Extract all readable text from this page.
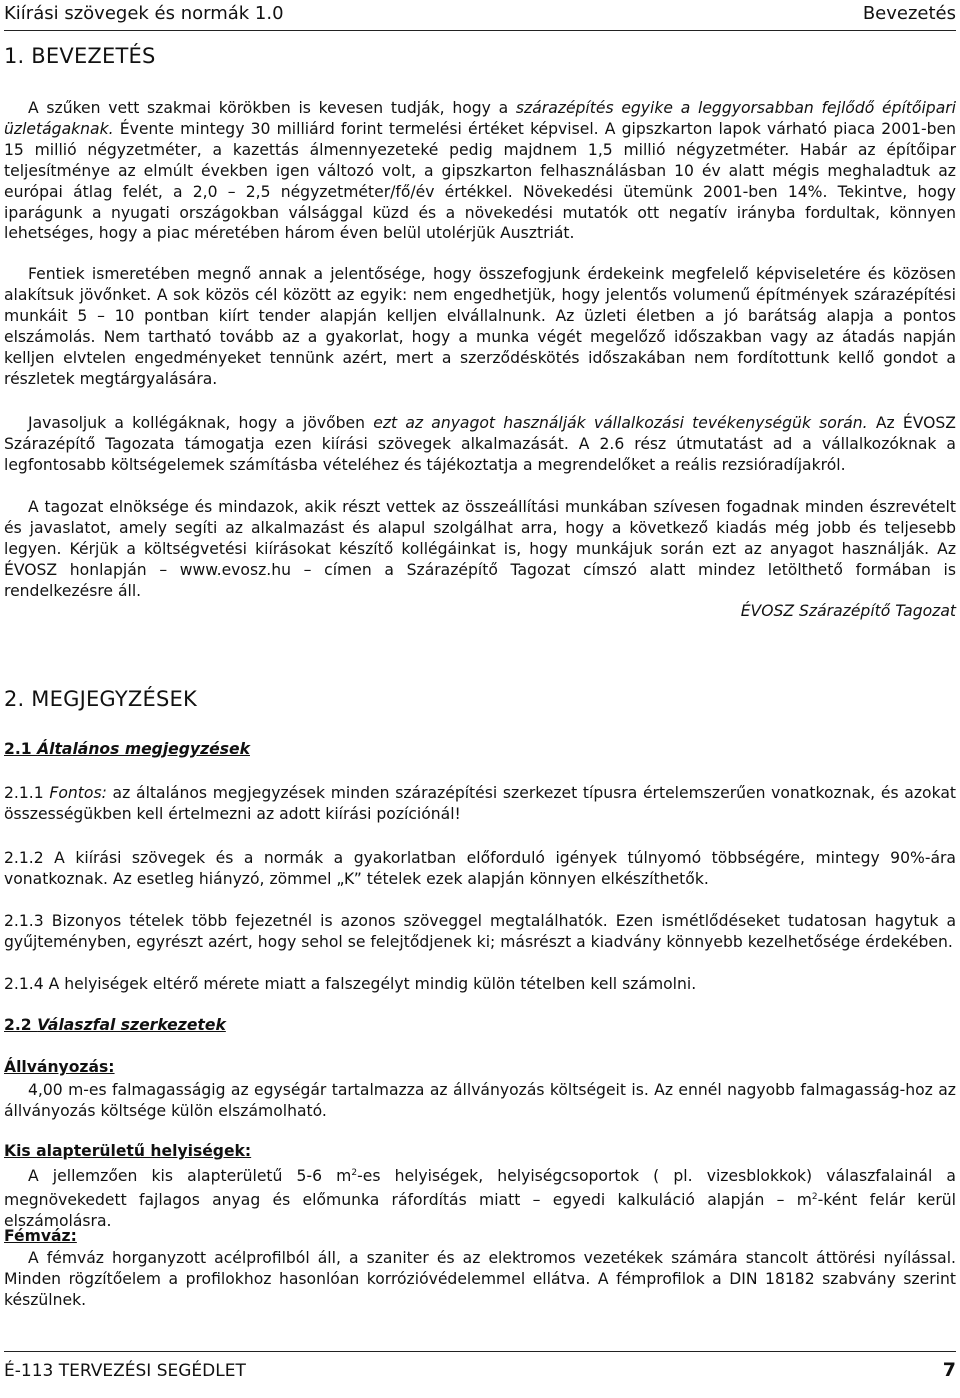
Kiírási szövegek és normák 1.0	Bevezetés
1. BEVEZETÉS

A szűken vett szakmai körökben is kevesen tudják, hogy a szárazépítés egyike a leggyorsabban fejlődő építőipari üzletágaknak. Évente mintegy 30 milliárd forint termelési értéket képvisel. A gipszkarton lapok várható piaca 2001-ben 15 millió négyzetméter, a kazettás álmennyezeteké pedig majdnem 1,5 millió négyzetméter. Habár az építőipar teljesítménye az elmúlt években igen változó volt, a gipszkarton felhasználásban 10 év alatt mégis meghaladtuk az európai átlag felét, a 2,0 – 2,5 négyzetméter/fő/év értékkel. Növekedési ütemünk 2001-ben 14%. Tekintve, hogy iparágunk a nyugati országokban válsággal küzd és a növekedési mutatók ott negatív irányba fordultak, könnyen lehetséges, hogy a piac méretében három éven belül utolérjük Ausztriát.

Fentiek ismeretében megnő annak a jelentősége, hogy összefogjunk érdekeink megfelelő képviseletére és közösen alakítsuk jövőnket. A sok közös cél között az egyik: nem engedhetjük, hogy jelentős volumenű építmények szárazépítési munkáit 5 – 10 pontban kiírt tender alapján kelljen elvállalnunk. Az üzleti életben a jó barátság alapja a pontos elszámolás. Nem tartható tovább az a gyakorlat, hogy a munka végét megelőző időszakban vagy az átadás napján kelljen elvtelen engedményeket tennünk azért, mert a szerződéskötés időszakában nem fordítottunk kellő gondot a részletek megtárgyalására.

Javasoljuk a kollégáknak, hogy a jövőben ezt az anyagot használják vállalkozási tevékenységük során. Az ÉVOSZ Szárazépítő Tagozata támogatja ezen kiírási szövegek alkalmazását. A 2.6 rész útmutatást ad a vállalkozóknak a legfontosabb költségelemek számításba vételéhez és tájékoztatja a megrendelőket a reális rezsióradíjakról.

A tagozat elnöksége és mindazok, akik részt vettek az összeállítási munkában szívesen fogadnak minden észrevételt és javaslatot, amely segíti az alkalmazást és alapul szolgálhat arra, hogy a következő kiadás még jobb és teljesebb legyen. Kérjük a költségvetési kiírásokat készítő kollégáinkat is, hogy munkájuk során ezt az anyagot használják. Az ÉVOSZ honlapján – www.evosz.hu – címen a Szárazépítő Tagozat címszó alatt mindez letölthető formában is rendelkezésre áll.

ÉVOSZ Szárazépítő Tagozat
2. MEGJEGYZÉSEK
2.1 Általános megjegyzések

2.1.1 Fontos: az általános megjegyzések minden szárazépítési szerkezet típusra értelemszerűen vonatkoznak, és azokat összességükben kell értelmezni az adott kiírási pozíciónál!

2.1.2 A kiírási szövegek és a normák a gyakorlatban előforduló igények túlnyomó többségére, mintegy 90%-ára vonatkoznak. Az esetleg hiányzó, zömmel „K” tételek ezek alapján könnyen elkészíthetők.

2.1.3 Bizonyos tételek több fejezetnél is azonos szöveggel megtalálhatók. Ezen ismétlődéseket tudatosan hagytuk a gyűjteményben, egyrészt azért, hogy sehol se felejtődjenek ki; másrészt a kiadvány könnyebb kezelhetősége érdekében.

2.1.4 A helyiségek eltérő mérete miatt a falszegélyt mindig külön tételben kell számolni.

2.2 Válaszfal szerkezetek
Állványozás:

4,00 m-es falmagasságig az egységár tartalmazza az állványozás költségeit is. Az ennél nagyobb falmagasság-hoz az állványozás költsége külön elszámolható.

Kis alapterületű helyiségek:

A jellemzően kis alapterületű 5-6 $m^2-es$ helyiségek, helyiségcsoportok ( pl. vizesblokkok) válaszfalainál a megnövekedett fajlagos anyag és előmunka ráfordítás miatt – egyedi kalkuláció alapján – $m^2$-ként felár kerül elszámolásra.

Fémváz:

A fémváz horganyzott acélprofilból áll, a szaniter és az elektromos vezetékek számára stancolt áttörési nyílással. Minden rögzítőelem a profilokhoz hasonlóan korrózióvédelemmel ellátva. A fémprofilok a DIN 18182 szabvány szerint készülnek.

É-113 TERVEZÉSI SEGÉDLET	7
